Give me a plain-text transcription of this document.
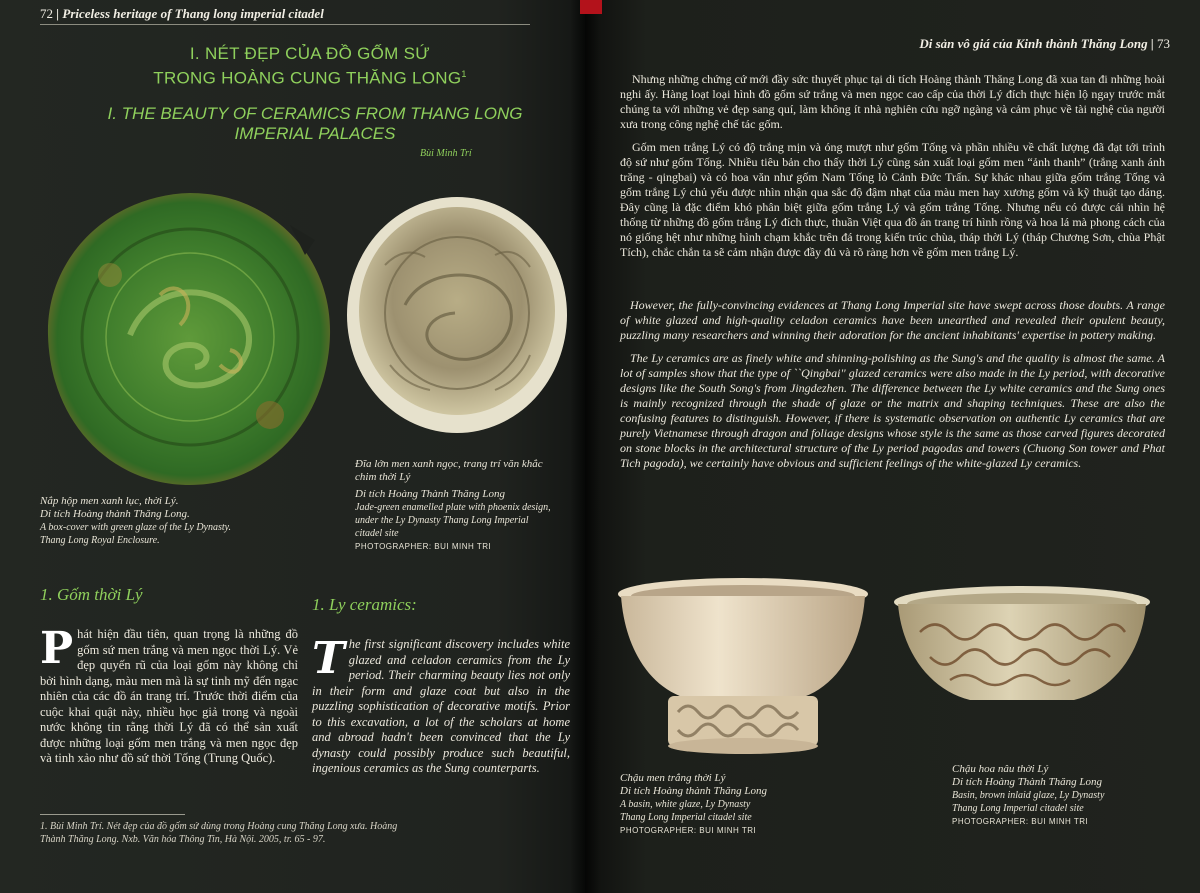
72 | Priceless heritage of Thang long imperial citadel
I. NÉT ĐẸP CỦA ĐỒ GỐM SỨ
TRONG HOÀNG CUNG THĂNG LONG$^1$
I. THE BEAUTY OF CERAMICS FROM THANG LONG
IMPERIAL PALACES
Bùi Minh Trí
Nắp hộp men xanh lục, thời Lý.
Di tích Hoàng thành Thăng Long.
A box-cover with green glaze of the Ly Dynasty.
Thang Long Royal Enclosure.
Đĩa lớn men xanh ngọc, trang trí văn khắc
chim thời Lý
Di tích Hoàng Thành Thăng Long
Jade-green enamelled plate with phoenix design,
under the Ly Dynasty Thang Long Imperial
citadel site
PHOTOGRAPHER: BUI MINH TRI
1. Gốm thời Lý
1. Ly ceramics:
Phát hiện đầu tiên, quan trọng là những đồ gốm sứ men trắng và men ngọc thời Lý. Vẻ đẹp quyến rũ của loại gốm này không chỉ bởi hình dạng, màu men mà là sự tinh mỹ đến ngạc nhiên của các đồ án trang trí. Trước thời điểm của cuộc khai quật này, nhiều học giả trong và ngoài nước không tin rằng thời Lý đã có thể sản xuất được những loại gốm men trắng và men ngọc đẹp và tinh xảo như đồ sứ thời Tống (Trung Quốc).
The first significant discovery includes white glazed and celadon ceramics from the Ly period. Their charming beauty lies not only in their form and glaze coat but also in the puzzling sophistication of decorative motifs. Prior to this excavation, a lot of the scholars at home and abroad hadn't been convinced that the Ly dynasty could possibly produce such beautiful, ingenious ceramics as the Sung counterparts.
1. Bùi Minh Trí. Nét đẹp của đồ gốm sứ dùng trong Hoàng cung Thăng Long xưa. Hoàng
Thành Thăng Long. Nxb. Văn hóa Thông Tin, Hà Nội. 2005, tr. 65 - 97.
Di sản vô giá của Kinh thành Thăng Long | 73

Nhưng những chứng cứ mới đầy sức thuyết phục tại di tích Hoàng thành Thăng Long đã xua tan đi những hoài nghi ấy. Hàng loạt loại hình đồ gốm sứ trắng và men ngọc cao cấp của thời Lý đích thực hiện lộ ngay trước mắt chúng ta với những vẻ đẹp sang quí, làm không ít nhà nghiên cứu ngỡ ngàng và cảm phục về tài nghệ của người xưa trong công nghệ chế tác gốm.

Gốm men trắng Lý có độ trắng mịn và óng mượt như gốm Tống và phần nhiều về chất lượng đã đạt tới trình độ sứ như gốm Tống. Nhiều tiêu bản cho thấy thời Lý cũng sản xuất loại gốm men “ảnh thanh” (trắng xanh ánh trăng - qingbai) và có hoa văn như gốm Nam Tống lò Cảnh Đức Trấn. Sự khác nhau giữa gốm trắng Tống và gốm trắng Lý chủ yếu được nhìn nhận qua sắc độ đậm nhạt của màu men hay xương gốm và kỹ thuật tạo dáng. Đây cũng là đặc điểm khó phân biệt giữa gốm trắng Lý và gốm trắng Tống. Nhưng nếu có được cái nhìn hệ thống từ những đồ gốm trắng Lý đích thực, thuần Việt qua đồ án trang trí hình rồng và hoa lá mà phong cách của nó giống hệt như những hình chạm khắc trên đá trong kiến trúc chùa, tháp thời Lý (tháp Chương Sơn, chùa Phật Tích), chắc chắn ta sẽ cảm nhận được đầy đủ và rõ ràng hơn về gốm men trắng Lý.

However, the fully-convincing evidences at Thang Long Imperial site have swept across those doubts. A range of white glazed and high-quality celadon ceramics have been unearthed and revealed their opulent beauty, puzzling many researchers and winning their adoration for the ancient inhabitants' expertise in pottery making.

The Ly ceramics are as finely white and shinning-polishing as the Sung's and the quality is almost the same. A lot of samples show that the type of ``Qingbai'' glazed ceramics were also made in the Ly period, with decorative designs like the South Song's from Jingdezhen. The difference between the Ly white ceramics and the Sung ones is mainly recognized through the shade of glaze or the matrix and shaping techniques. These are also the confusing features to distinguish. However, if there is systematic observation on authentic Ly ceramics that are purely Vietnamese through dragon and foliage designs whose style is the same as those carved figures decorated on stone blocks in the architectural structure of the Ly period pagodas and towers (Chuong Son tower and Phat Tich pagoda), we certainly have obvious and sufficient feelings of the white-glazed Ly ceramics.

Chậu men trắng thời Lý
Di tích Hoàng thành Thăng Long
A basin, white glaze, Ly Dynasty
Thang Long Imperial citadel site
PHOTOGRAPHER: BUI MINH TRI
Chậu hoa nâu thời Lý
Di tích Hoàng Thành Thăng Long
Basin, brown inlaid glaze, Ly Dynasty
Thang Long Imperial citadel site
PHOTOGRAPHER: BUI MINH TRI
